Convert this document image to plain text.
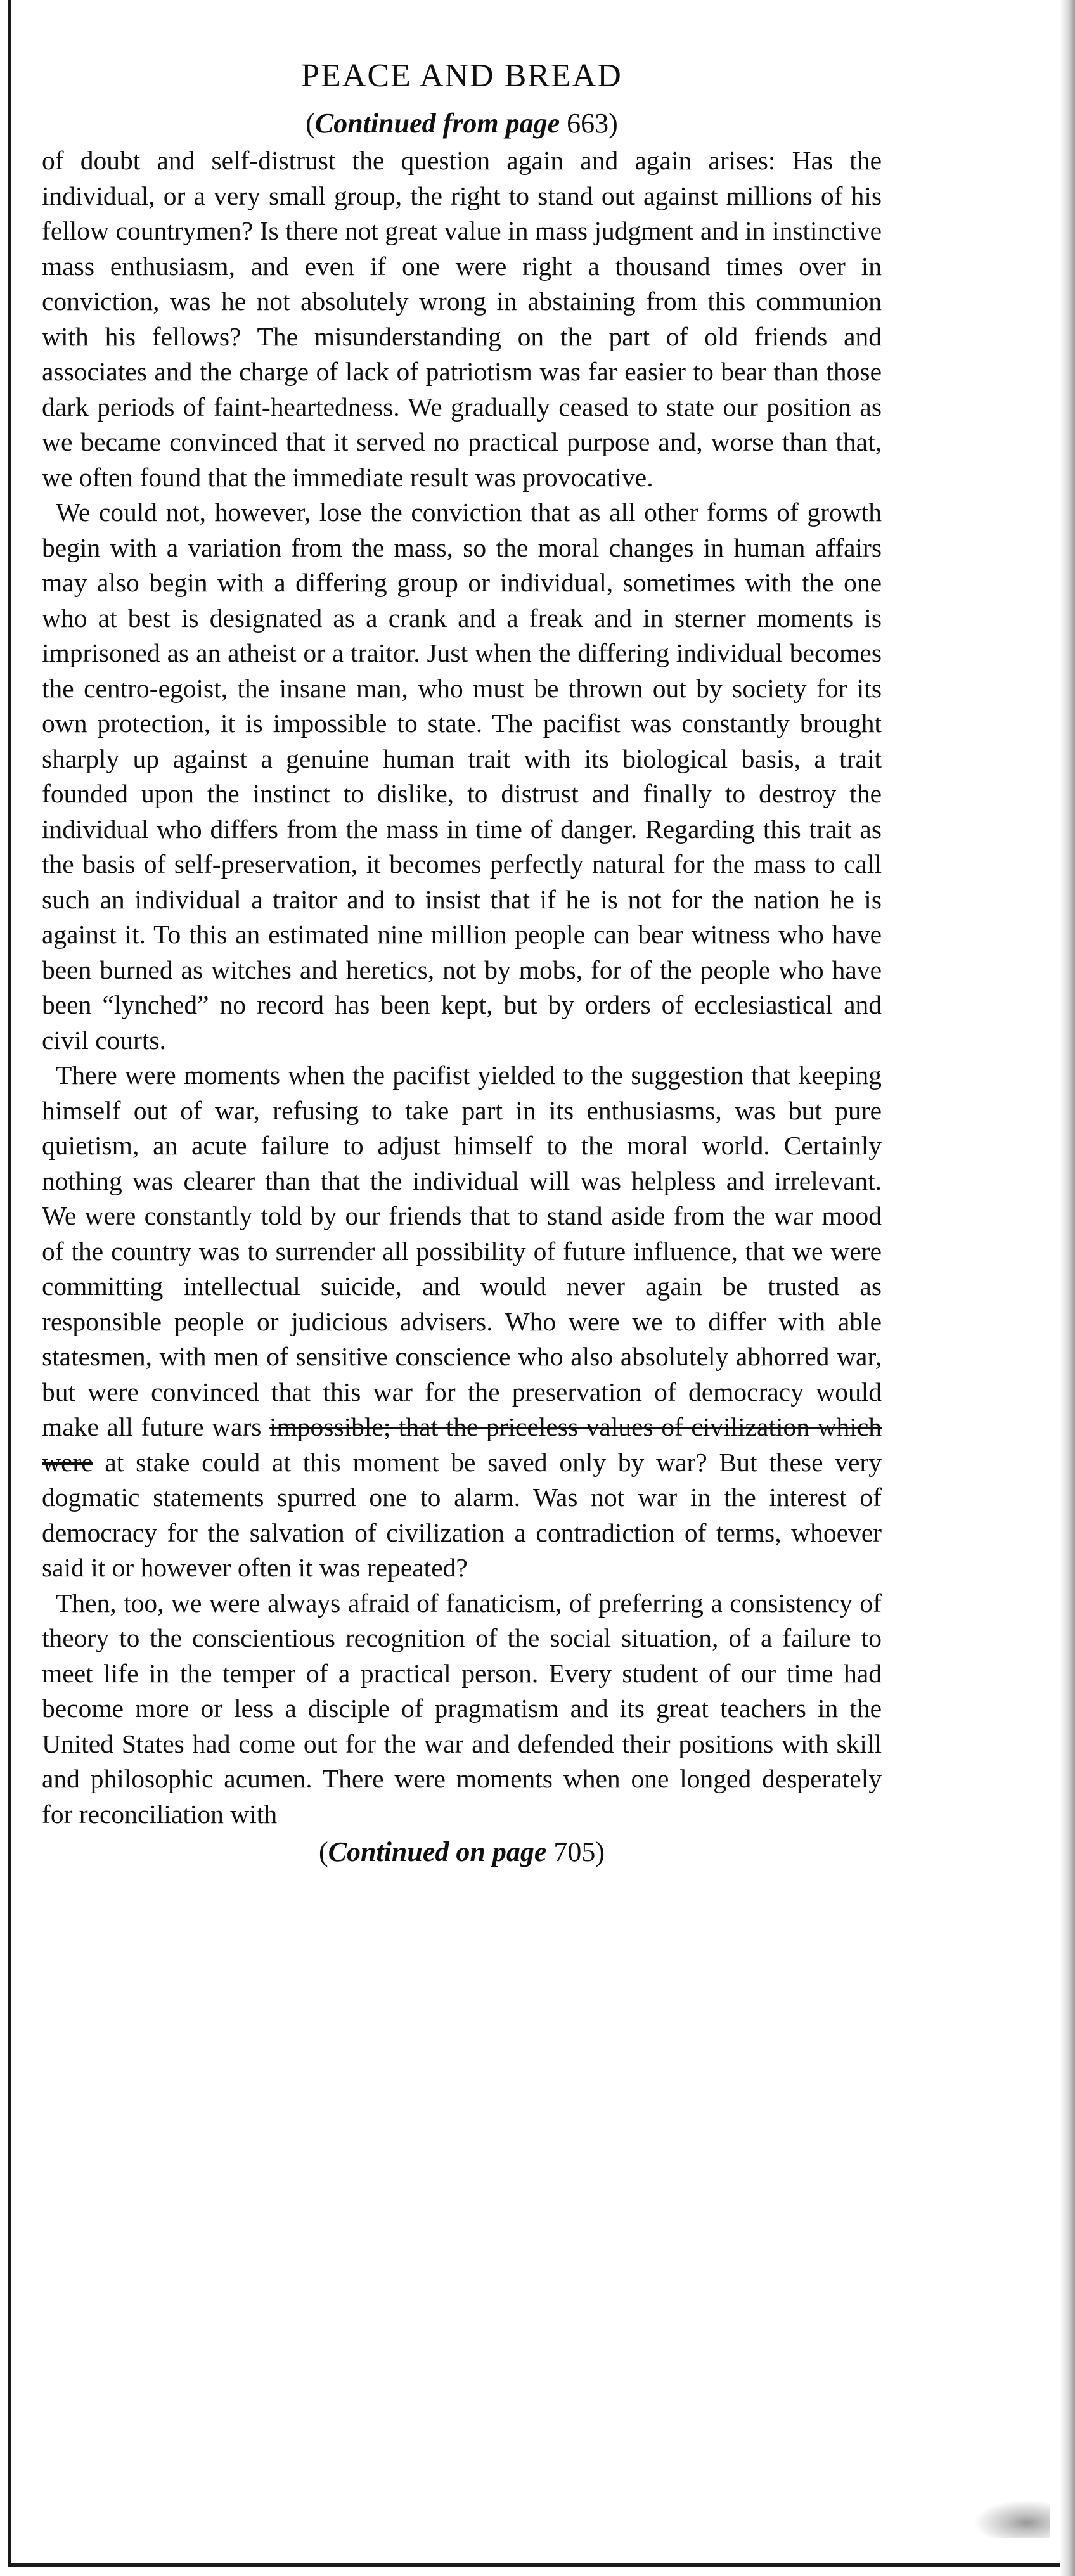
PEACE AND BREAD
(Continued from page 663)

of doubt and self-distrust the question again and again arises: Has the individual, or a very small group, the right to stand out against millions of his fellow countrymen? Is there not great value in mass judgment and in instinctive mass enthusiasm, and even if one were right a thousand times over in conviction, was he not absolutely wrong in abstaining from this communion with his fellows? The misunderstanding on the part of old friends and associates and the charge of lack of patriotism was far easier to bear than those dark periods of faint-heartedness. We gradually ceased to state our position as we became convinced that it served no practical purpose and, worse than that, we often found that the immediate result was provocative.

We could not, however, lose the conviction that as all other forms of growth begin with a variation from the mass, so the moral changes in human affairs may also begin with a differing group or individual, sometimes with the one who at best is designated as a crank and a freak and in sterner moments is imprisoned as an atheist or a traitor. Just when the differing individual becomes the centro-egoist, the insane man, who must be thrown out by society for its own protection, it is impossible to state. The pacifist was constantly brought sharply up against a genuine human trait with its biological basis, a trait founded upon the instinct to dislike, to distrust and finally to destroy the individual who differs from the mass in time of danger. Regarding this trait as the basis of self-preservation, it becomes perfectly natural for the mass to call such an individual a traitor and to insist that if he is not for the nation he is against it. To this an estimated nine million people can bear witness who have been burned as witches and heretics, not by mobs, for of the people who have been “lynched” no record has been kept, but by orders of ecclesiastical and civil courts.

There were moments when the pacifist yielded to the suggestion that keeping himself out of war, refusing to take part in its enthusiasms, was but pure quietism, an acute failure to adjust himself to the moral world. Certainly nothing was clearer than that the individual will was helpless and irrelevant. We were constantly told by our friends that to stand aside from the war mood of the country was to surrender all possibility of future influence, that we were committing intellectual suicide, and would never again be trusted as responsible people or judicious advisers. Who were we to differ with able statesmen, with men of sensitive conscience who also absolutely abhorred war, but were convinced that this war for the preservation of democracy would make all future wars impossible; that the priceless values of civilization which were at stake could at this moment be saved only by war? But these very dogmatic statements spurred one to alarm. Was not war in the interest of democracy for the salvation of civilization a contradiction of terms, whoever said it or however often it was repeated?

Then, too, we were always afraid of fanaticism, of preferring a consistency of theory to the conscientious recognition of the social situation, of a failure to meet life in the temper of a practical person. Every student of our time had become more or less a disciple of pragmatism and its great teachers in the United States had come out for the war and defended their positions with skill and philosophic acumen. There were moments when one longed desperately for reconciliation with

(Continued on page 705)
